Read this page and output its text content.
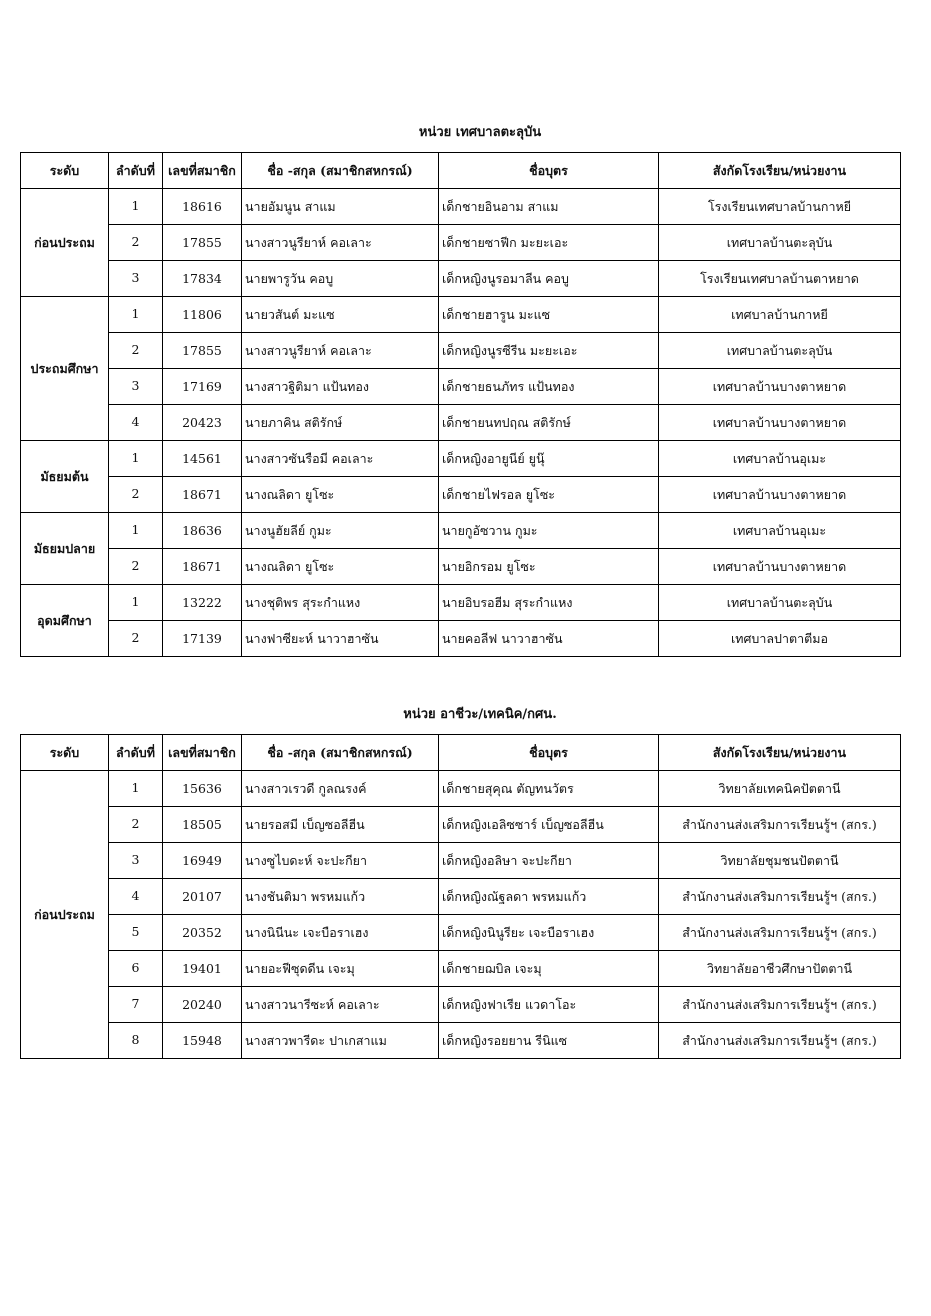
หน่วย เทศบาลตะลุบัน
ระดับ	ลำดับที่	เลขที่สมาชิก	ชื่อ -สกุล (สมาชิกสหกรณ์)	ชื่อบุตร	สังกัดโรงเรียน/หน่วยงาน
ก่อนประถม	1	18616	นายอัมนูน สาแม	เด็กชายอินอาม สาแม	โรงเรียนเทศบาลบ้านกาหยี
	2	17855	นางสาวนูรียาห์ คอเลาะ	เด็กชายซาฟีก มะยะเอะ	เทศบาลบ้านตะลุบัน
	3	17834	นายพารูวัน คอบู	เด็กหญิงนูรอมาลีน คอบู	โรงเรียนเทศบาลบ้านตาหยาด
ประถมศึกษา	1	11806	นายวสันต์ มะแซ	เด็กชายฮารูน มะแซ	เทศบาลบ้านกาหยี
	2	17855	นางสาวนูรียาห์ คอเลาะ	เด็กหญิงนูรซีรีน มะยะเอะ	เทศบาลบ้านตะลุบัน
	3	17169	นางสาวฐิติมา แป้นทอง	เด็กชายธนภัทร แป้นทอง	เทศบาลบ้านบางตาหยาด
	4	20423	นายภาคิน สติรักษ์	เด็กชายนทปฤณ สติรักษ์	เทศบาลบ้านบางตาหยาด
มัธยมต้น	1	14561	นางสาวซันรือมี คอเลาะ	เด็กหญิงอายูนีย์ ยูนุ๊	เทศบาลบ้านอุเมะ
	2	18671	นางณลิดา ยูโซะ	เด็กชายไฟรอล ยูโซะ	เทศบาลบ้านบางตาหยาด
มัธยมปลาย	1	18636	นางนูฮัยลีย์ กูมะ	นายกูอัซวาน กูมะ	เทศบาลบ้านอุเมะ
	2	18671	นางณลิดา ยูโซะ	นายอิกรอม ยูโซะ	เทศบาลบ้านบางตาหยาด
อุดมศึกษา	1	13222	นางชุติพร สุระกำแหง	นายอิบรอฮีม สุระกำแหง	เทศบาลบ้านตะลุบัน
	2	17139	นางฟาซียะห์ นาวาฮาซัน	นายคอลีฟ นาวาฮาซัน	เทศบาลปาตาตีมอ
หน่วย อาชีวะ/เทคนิค/กศน.
ระดับ	ลำดับที่	เลขที่สมาชิก	ชื่อ -สกุล (สมาชิกสหกรณ์)	ชื่อบุตร	สังกัดโรงเรียน/หน่วยงาน
ก่อนประถม	1	15636	นางสาวเรวดี กูลณรงค์	เด็กชายสุคุณ ตัญทนวัตร	วิทยาลัยเทคนิคปัตตานี
	2	18505	นายรอสมี เบ็ญซอลีฮีน	เด็กหญิงเอลิซซาร์ เบ็ญซอลีฮีน	สำนักงานส่งเสริมการเรียนรู้ฯ (สกร.)
	3	16949	นางซูไบดะห์ จะปะกียา	เด็กหญิงอลิษา จะปะกียา	วิทยาลัยชุมชนปัตตานี
	4	20107	นางชันติมา พรหมแก้ว	เด็กหญิงณัฐลดา พรหมแก้ว	สำนักงานส่งเสริมการเรียนรู้ฯ (สกร.)
	5	20352	นางนินีนะ เจะบือราเฮง	เด็กหญิงนินูรียะ เจะบือราเฮง	สำนักงานส่งเสริมการเรียนรู้ฯ (สกร.)
	6	19401	นายอะฟีซุดดีน เจะมุ	เด็กชายฌบิล เจะมุ	วิทยาลัยอาชีวศึกษาปัตตานี
	7	20240	นางสาวนารีซะห์ คอเลาะ	เด็กหญิงฟาเรีย แวดาโอะ	สำนักงานส่งเสริมการเรียนรู้ฯ (สกร.)
	8	15948	นางสาวพารีดะ ปาเกสาแม	เด็กหญิงรอยยาน รีนิแซ	สำนักงานส่งเสริมการเรียนรู้ฯ (สกร.)
